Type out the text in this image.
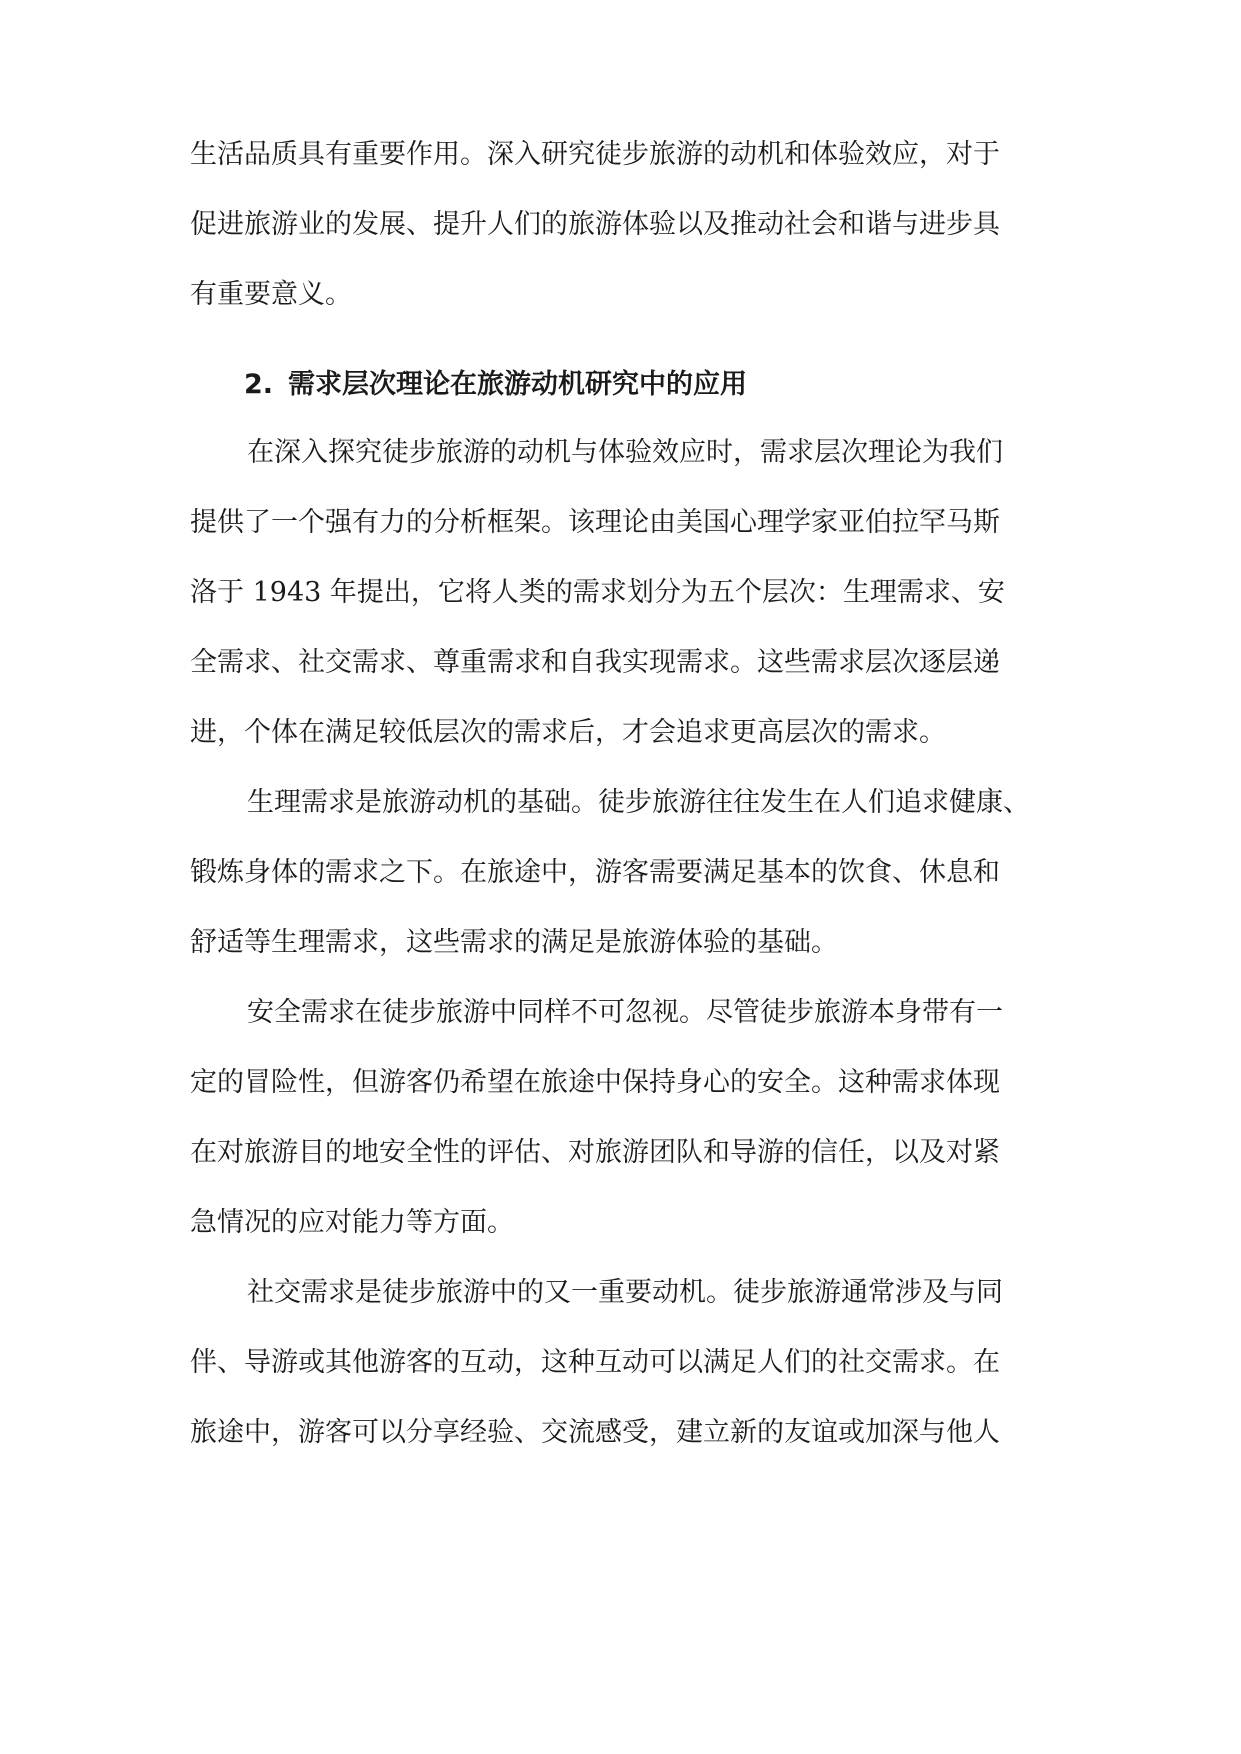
生活品质具有重要作用。深入研究徒步旅游的动机和体验效应，对于
促进旅游业的发展、提升人们的旅游体验以及推动社会和谐与进步具
有重要意义。
2. 需求层次理论在旅游动机研究中的应用
在深入探究徒步旅游的动机与体验效应时，需求层次理论为我们
提供了一个强有力的分析框架。该理论由美国心理学家亚伯拉罕马斯
洛于 1943 年提出，它将人类的需求划分为五个层次：生理需求、安
全需求、社交需求、尊重需求和自我实现需求。这些需求层次逐层递
进，个体在满足较低层次的需求后，才会追求更高层次的需求。
生理需求是旅游动机的基础。徒步旅游往往发生在人们追求健康、
锻炼身体的需求之下。在旅途中，游客需要满足基本的饮食、休息和
舒适等生理需求，这些需求的满足是旅游体验的基础。
安全需求在徒步旅游中同样不可忽视。尽管徒步旅游本身带有一
定的冒险性，但游客仍希望在旅途中保持身心的安全。这种需求体现
在对旅游目的地安全性的评估、对旅游团队和导游的信任，以及对紧
急情况的应对能力等方面。
社交需求是徒步旅游中的又一重要动机。徒步旅游通常涉及与同
伴、导游或其他游客的互动，这种互动可以满足人们的社交需求。在
旅途中，游客可以分享经验、交流感受，建立新的友谊或加深与他人
